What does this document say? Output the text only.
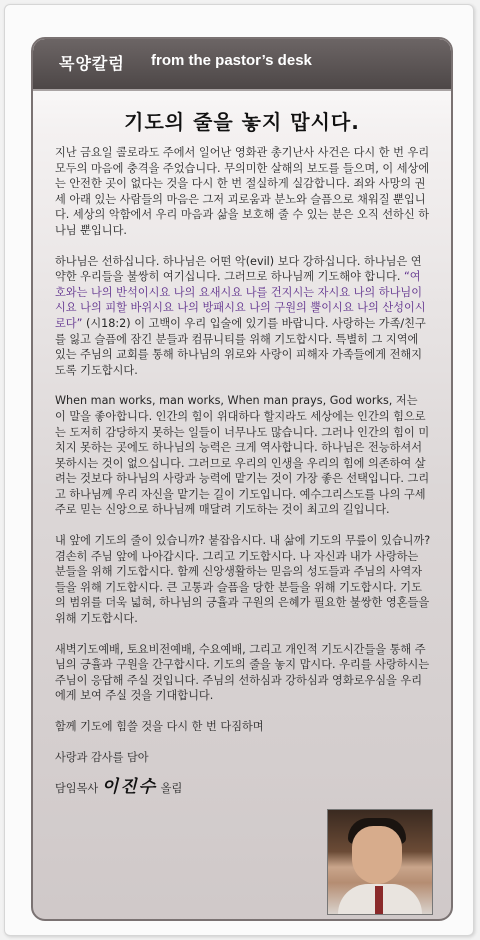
목양칼럼 from the pastor’s desk
기도의 줄을 놓지 맙시다.

지난 금요일 콜로라도 주에서 일어난 영화관 총기난사 사건은 다시 한 번 우리 모두의 마음에 충격을 주었습니다. 무의미한 살해의 보도를 들으며, 이 세상에는 안전한 곳이 없다는 것을 다시 한 번 절실하게 실감합니다. 죄와 사망의 권세 아래 있는 사람들의 마음은 그저 괴로움과 분노와 슬픔으로 채워질 뿐입니다. 세상의 악함에서 우리 마음과 삶을 보호해 줄 수 있는 분은 오직 선하신 하나님 뿐입니다.

하나님은 선하십니다. 하나님은 어떤 악(evil) 보다 강하십니다. 하나님은 연약한 우리들을 불쌍히 여기십니다. 그러므로 하나님께 기도해야 합니다. “여호와는 나의 반석이시요 나의 요새시요 나를 건지시는 자시요 나의 하나님이시요 나의 피할 바위시요 나의 방패시요 나의 구원의 뿔이시요 나의 산성이시로다” (시18:2) 이 고백이 우리 입술에 있기를 바랍니다. 사랑하는 가족/친구를 잃고 슬픔에 잠긴 분들과 컴뮤니티를 위해 기도합시다. 특별히 그 지역에 있는 주님의 교회를 통해 하나님의 위로와 사랑이 피해자 가족들에게 전해지도록 기도합시다.

When man works, man works, When man prays, God works, 저는 이 말을 좋아합니다. 인간의 힘이 위대하다 할지라도 세상에는 인간의 힘으로는 도저히 감당하지 못하는 일들이 너무나도 많습니다. 그러나 인간의 힘이 미치지 못하는 곳에도 하나님의 능력은 크게 역사합니다. 하나님은 전능하셔서 못하시는 것이 없으십니다. 그러므로 우리의 인생을 우리의 힘에 의존하여 살려는 것보다 하나님의 사랑과 능력에 맡기는 것이 가장 좋은 선택입니다. 그리고 하나님께 우리 자신을 맡기는 길이 기도입니다. 예수그리스도를 나의 구세주로 믿는 신앙으로 하나님께 매달려 기도하는 것이 최고의 길입니다.

내 앞에 기도의 줄이 있습니까? 붙잡읍시다. 내 삶에 기도의 무릎이 있습니까? 겸손히 주님 앞에 나아갑시다. 그리고 기도합시다. 나 자신과 내가 사랑하는 분들을 위해 기도합시다. 함께 신앙생활하는 믿음의 성도들과 주님의 사역자들을 위해 기도합시다. 큰 고통과 슬픔을 당한 분들을 위해 기도합시다. 기도의 범위를 더욱 넓혀, 하나님의 긍휼과 구원의 은혜가 필요한 불쌍한 영혼들을 위해 기도합시다.

새벽기도예배, 토요비전예배, 수요예배, 그리고 개인적 기도시간들을 통해 주님의 긍휼과 구원을 간구합시다. 기도의 줄을 놓지 맙시다. 우리를 사랑하시는 주님이 응답해 주실 것입니다. 주님의 선하심과 강하심과 영화로우심을 우리에게 보여 주실 것을 기대합니다.

함께 기도에 힘쓸 것을 다시 한 번 다짐하며

사랑과 감사를 담아

담임목사 이진수 올림
